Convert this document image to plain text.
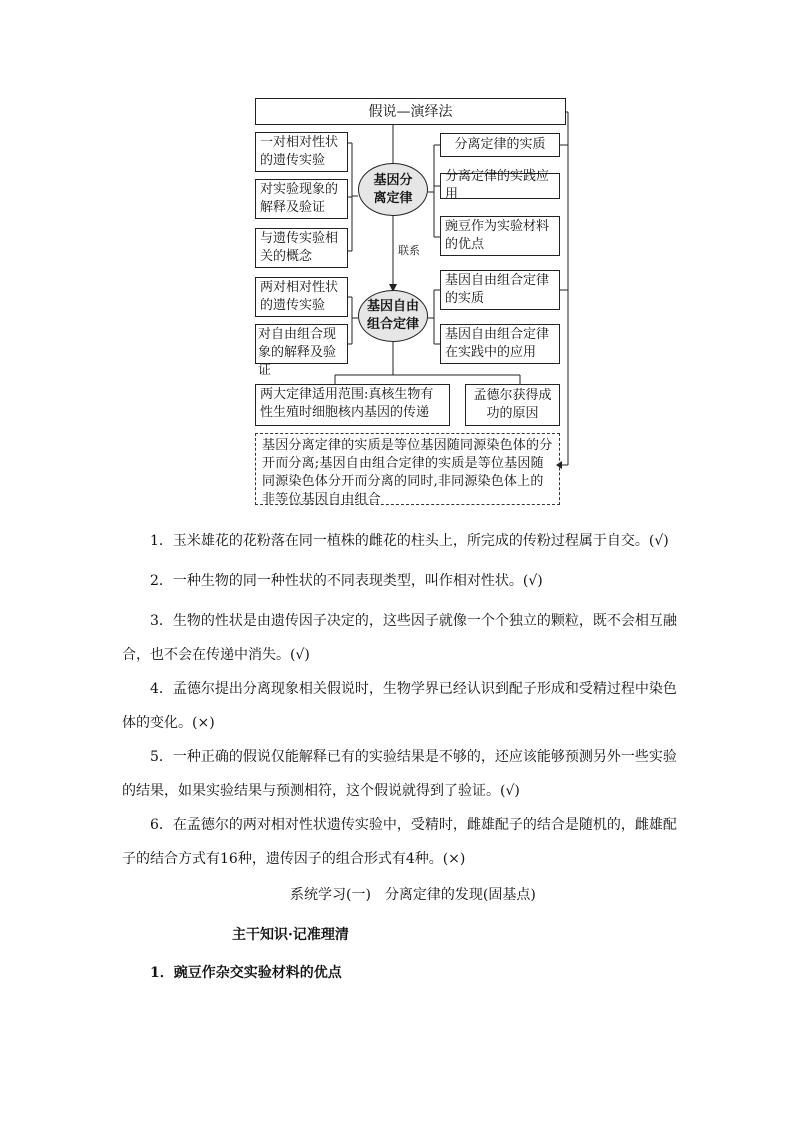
假说—演绎法
一对相对性状的遗传实验
对实验现象的解释及验证
与遗传实验相关的概念
基因分离定律
分离定律的实质
分离定律的实践应用
豌豆作为实验材料的优点
联系
两对相对性状的遗传实验
对自由组合现象的解释及验证
基因自由组合定律
基因自由组合定律的实质
基因自由组合定律在实践中的应用
两大定律适用范围:真核生物有性生殖时细胞核内基因的传递
孟德尔获得成功的原因
基因分离定律的实质是等位基因随同源染色体的分开而分离;基因自由组合定律的实质是等位基因随同源染色体分开而分离的同时,非同源染色体上的非等位基因自由组合
1．玉米雄花的花粉落在同一植株的雌花的柱头上，所完成的传粉过程属于自交。(√)
2．一种生物的同一种性状的不同表现类型，叫作相对性状。(√)
3．生物的性状是由遗传因子决定的，这些因子就像一个个独立的颗粒，既不会相互融合，也不会在传递中消失。(√)
4．孟德尔提出分离现象相关假说时，生物学界已经认识到配子形成和受精过程中染色体的变化。(×)
5．一种正确的假说仅能解释已有的实验结果是不够的，还应该能够预测另外一些实验的结果，如果实验结果与预测相符，这个假说就得到了验证。(√)
6．在孟德尔的两对相对性状遗传实验中，受精时，雌雄配子的结合是随机的，雌雄配子的结合方式有16种，遗传因子的组合形式有4种。(×)
系统学习(一)　分离定律的发现(固基点)
主干知识·记准理清
1．豌豆作杂交实验材料的优点
